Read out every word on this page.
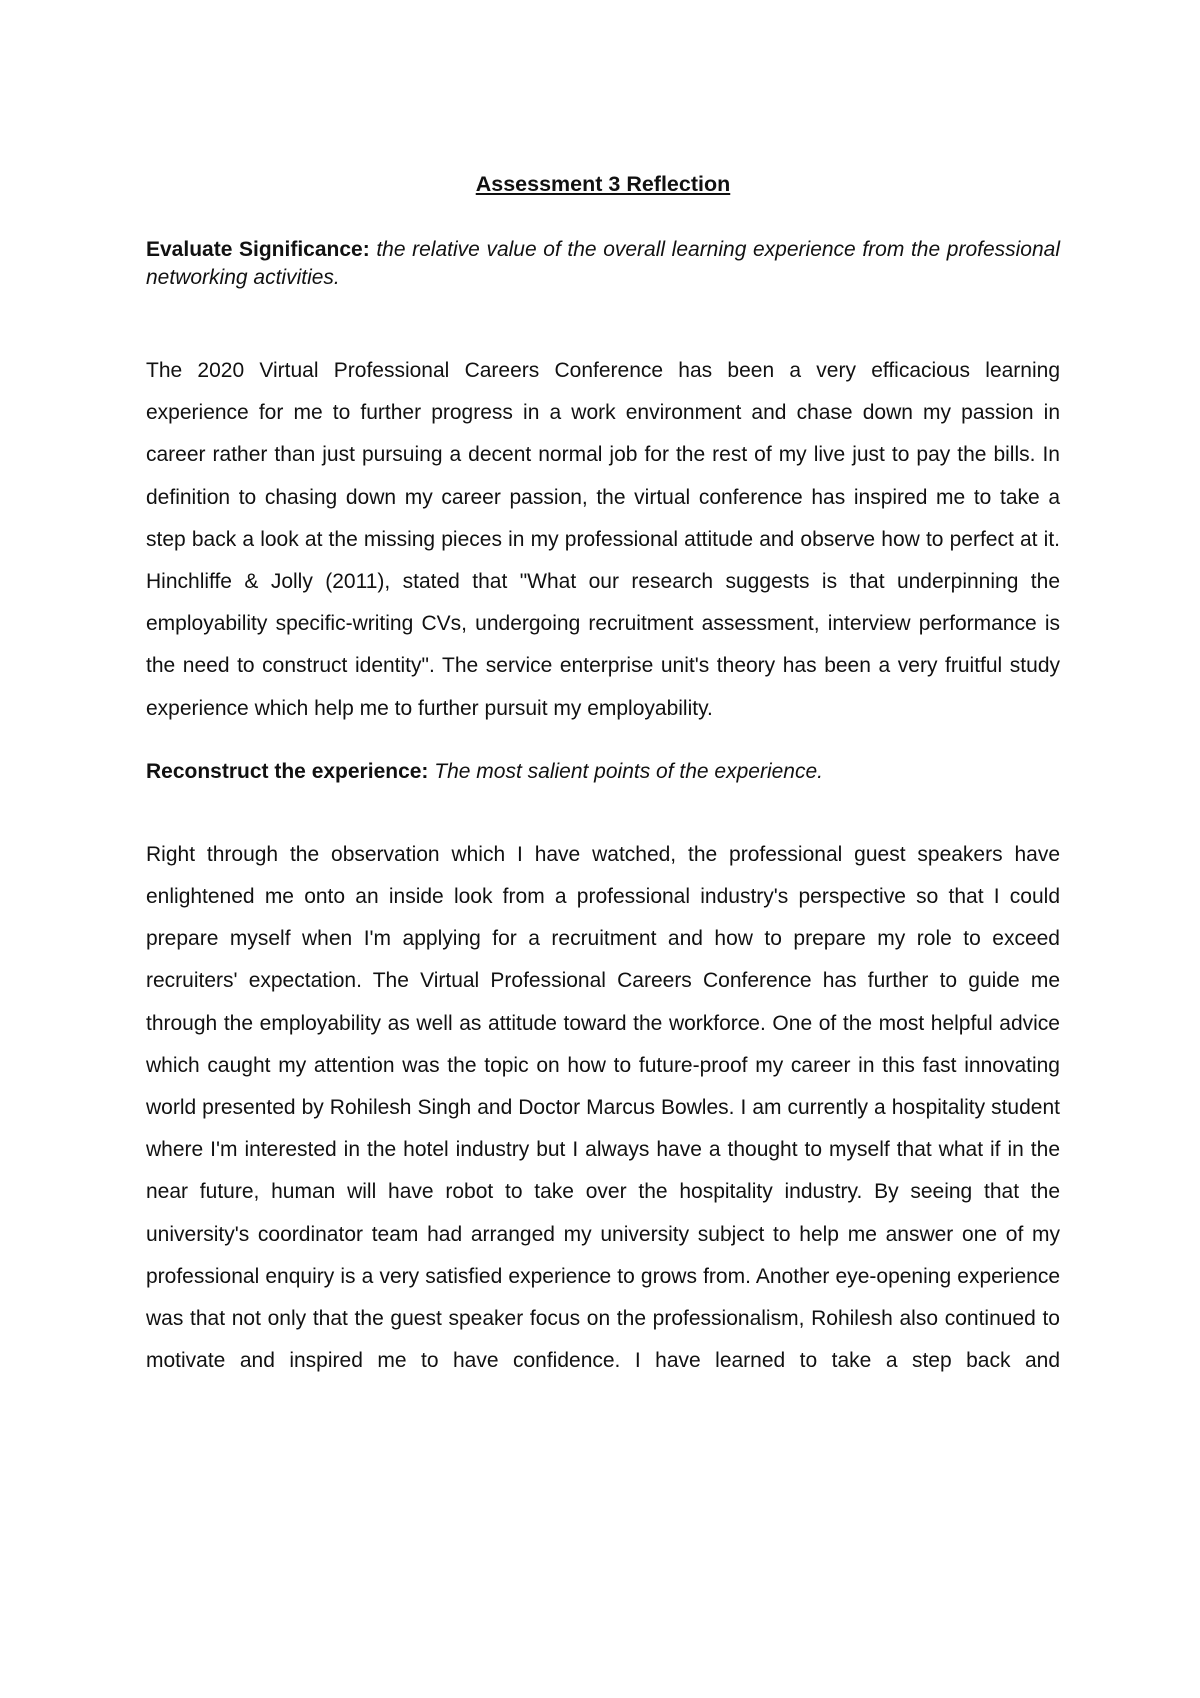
Assessment 3 Reflection

Evaluate Significance: the relative value of the overall learning experience from the professional networking activities.

The 2020 Virtual Professional Careers Conference has been a very efficacious learning experience for me to further progress in a work environment and chase down my passion in career rather than just pursuing a decent normal job for the rest of my live just to pay the bills. In definition to chasing down my career passion, the virtual conference has inspired me to take a step back a look at the missing pieces in my professional attitude and observe how to perfect at it. Hinchliffe & Jolly (2011), stated that "What our research suggests is that underpinning the employability specific-writing CVs, undergoing recruitment assessment, interview performance is the need to construct identity". The service enterprise unit's theory has been a very fruitful study experience which help me to further pursuit my employability.

Reconstruct the experience: The most salient points of the experience.

Right through the observation which I have watched, the professional guest speakers have enlightened me onto an inside look from a professional industry's perspective so that I could prepare myself when I'm applying for a recruitment and how to prepare my role to exceed recruiters' expectation. The Virtual Professional Careers Conference has further to guide me through the employability as well as attitude toward the workforce. One of the most helpful advice which caught my attention was the topic on how to future-proof my career in this fast innovating world presented by Rohilesh Singh and Doctor Marcus Bowles. I am currently a hospitality student where I'm interested in the hotel industry but I always have a thought to myself that what if in the near future, human will have robot to take over the hospitality industry. By seeing that the university's coordinator team had arranged my university subject to help me answer one of my professional enquiry is a very satisfied experience to grows from. Another eye-opening experience was that not only that the guest speaker focus on the professionalism, Rohilesh also continued to motivate and inspired me to have confidence. I have learned to take a step back and
